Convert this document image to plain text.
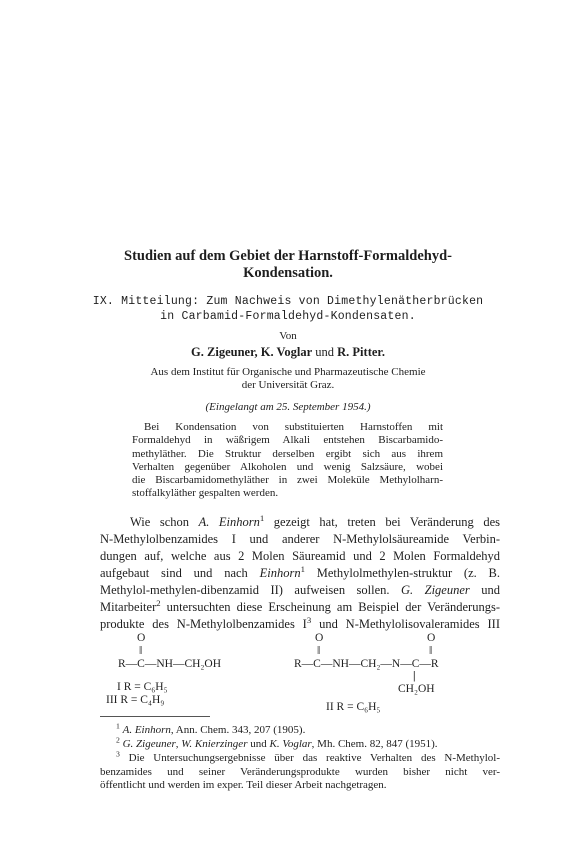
Studien auf dem Gebiet der Harnstoff-Formaldehyd-
Kondensation.
IX. Mitteilung: Zum Nachweis von Dimethylenätherbrücken
in Carbamid-Formaldehyd-Kondensaten.
Von
G. Zigeuner, K. Voglar und R. Pitter.
Aus dem Institut für Organische und Pharmazeutische Chemie
der Universität Graz.
(Eingelangt am 25. September 1954.)
Bei Kondensation von substituierten Harnstoffen mit
Formaldehyd in wäßrigem Alkali entstehen Biscarbamido-
methyläther. Die Struktur derselben ergibt sich aus ihrem
Verhalten gegenüber Alkoholen und wenig Salzsäure, wobei
die Biscarbamidomethyläther in zwei Moleküle Methylolharn-
stoffalkyläther gespalten werden.
Wie schon A. Einhorn$^1$ gezeigt hat, treten bei Veränderung des
N-Methylolbenzamides I und anderer N-Methylolsäureamide Verbin-
dungen auf, welche aus 2 Molen Säureamid und 2 Molen Formaldehyd
aufgebaut sind und nach Einhorn$^1$ Methylolmethylen-struktur (z. B.
Methylol-methylen-dibenzamid II) aufweisen sollen. G. Zigeuner und
Mitarbeiter$^2$ untersuchten diese Erscheinung am Beispiel der Veränderungs-
produkte des N-Methylolbenzamides $I^3$ und N-Methylolisovaleramides III
O
‖
R—C—NH—CH₂OH
I R = C₆H₅
III R = C₄H₉
O
‖
O
‖
R—C—NH—CH₂—N—C—R
|
CH₂OH
II R = C₆H₅
$^1$ A. Einhorn, Ann. Chem. 343, 207 (1905).
$^2$ G. Zigeuner, W. Knierzinger und K. Voglar, Mh. Chem. 82, 847 (1951).
$^3$ Die Untersuchungsergebnisse über das reaktive Verhalten des N-Methylol-
benzamides und seiner Veränderungsprodukte wurden bisher nicht ver-
öffentlicht und werden im exper. Teil dieser Arbeit nachgetragen.
